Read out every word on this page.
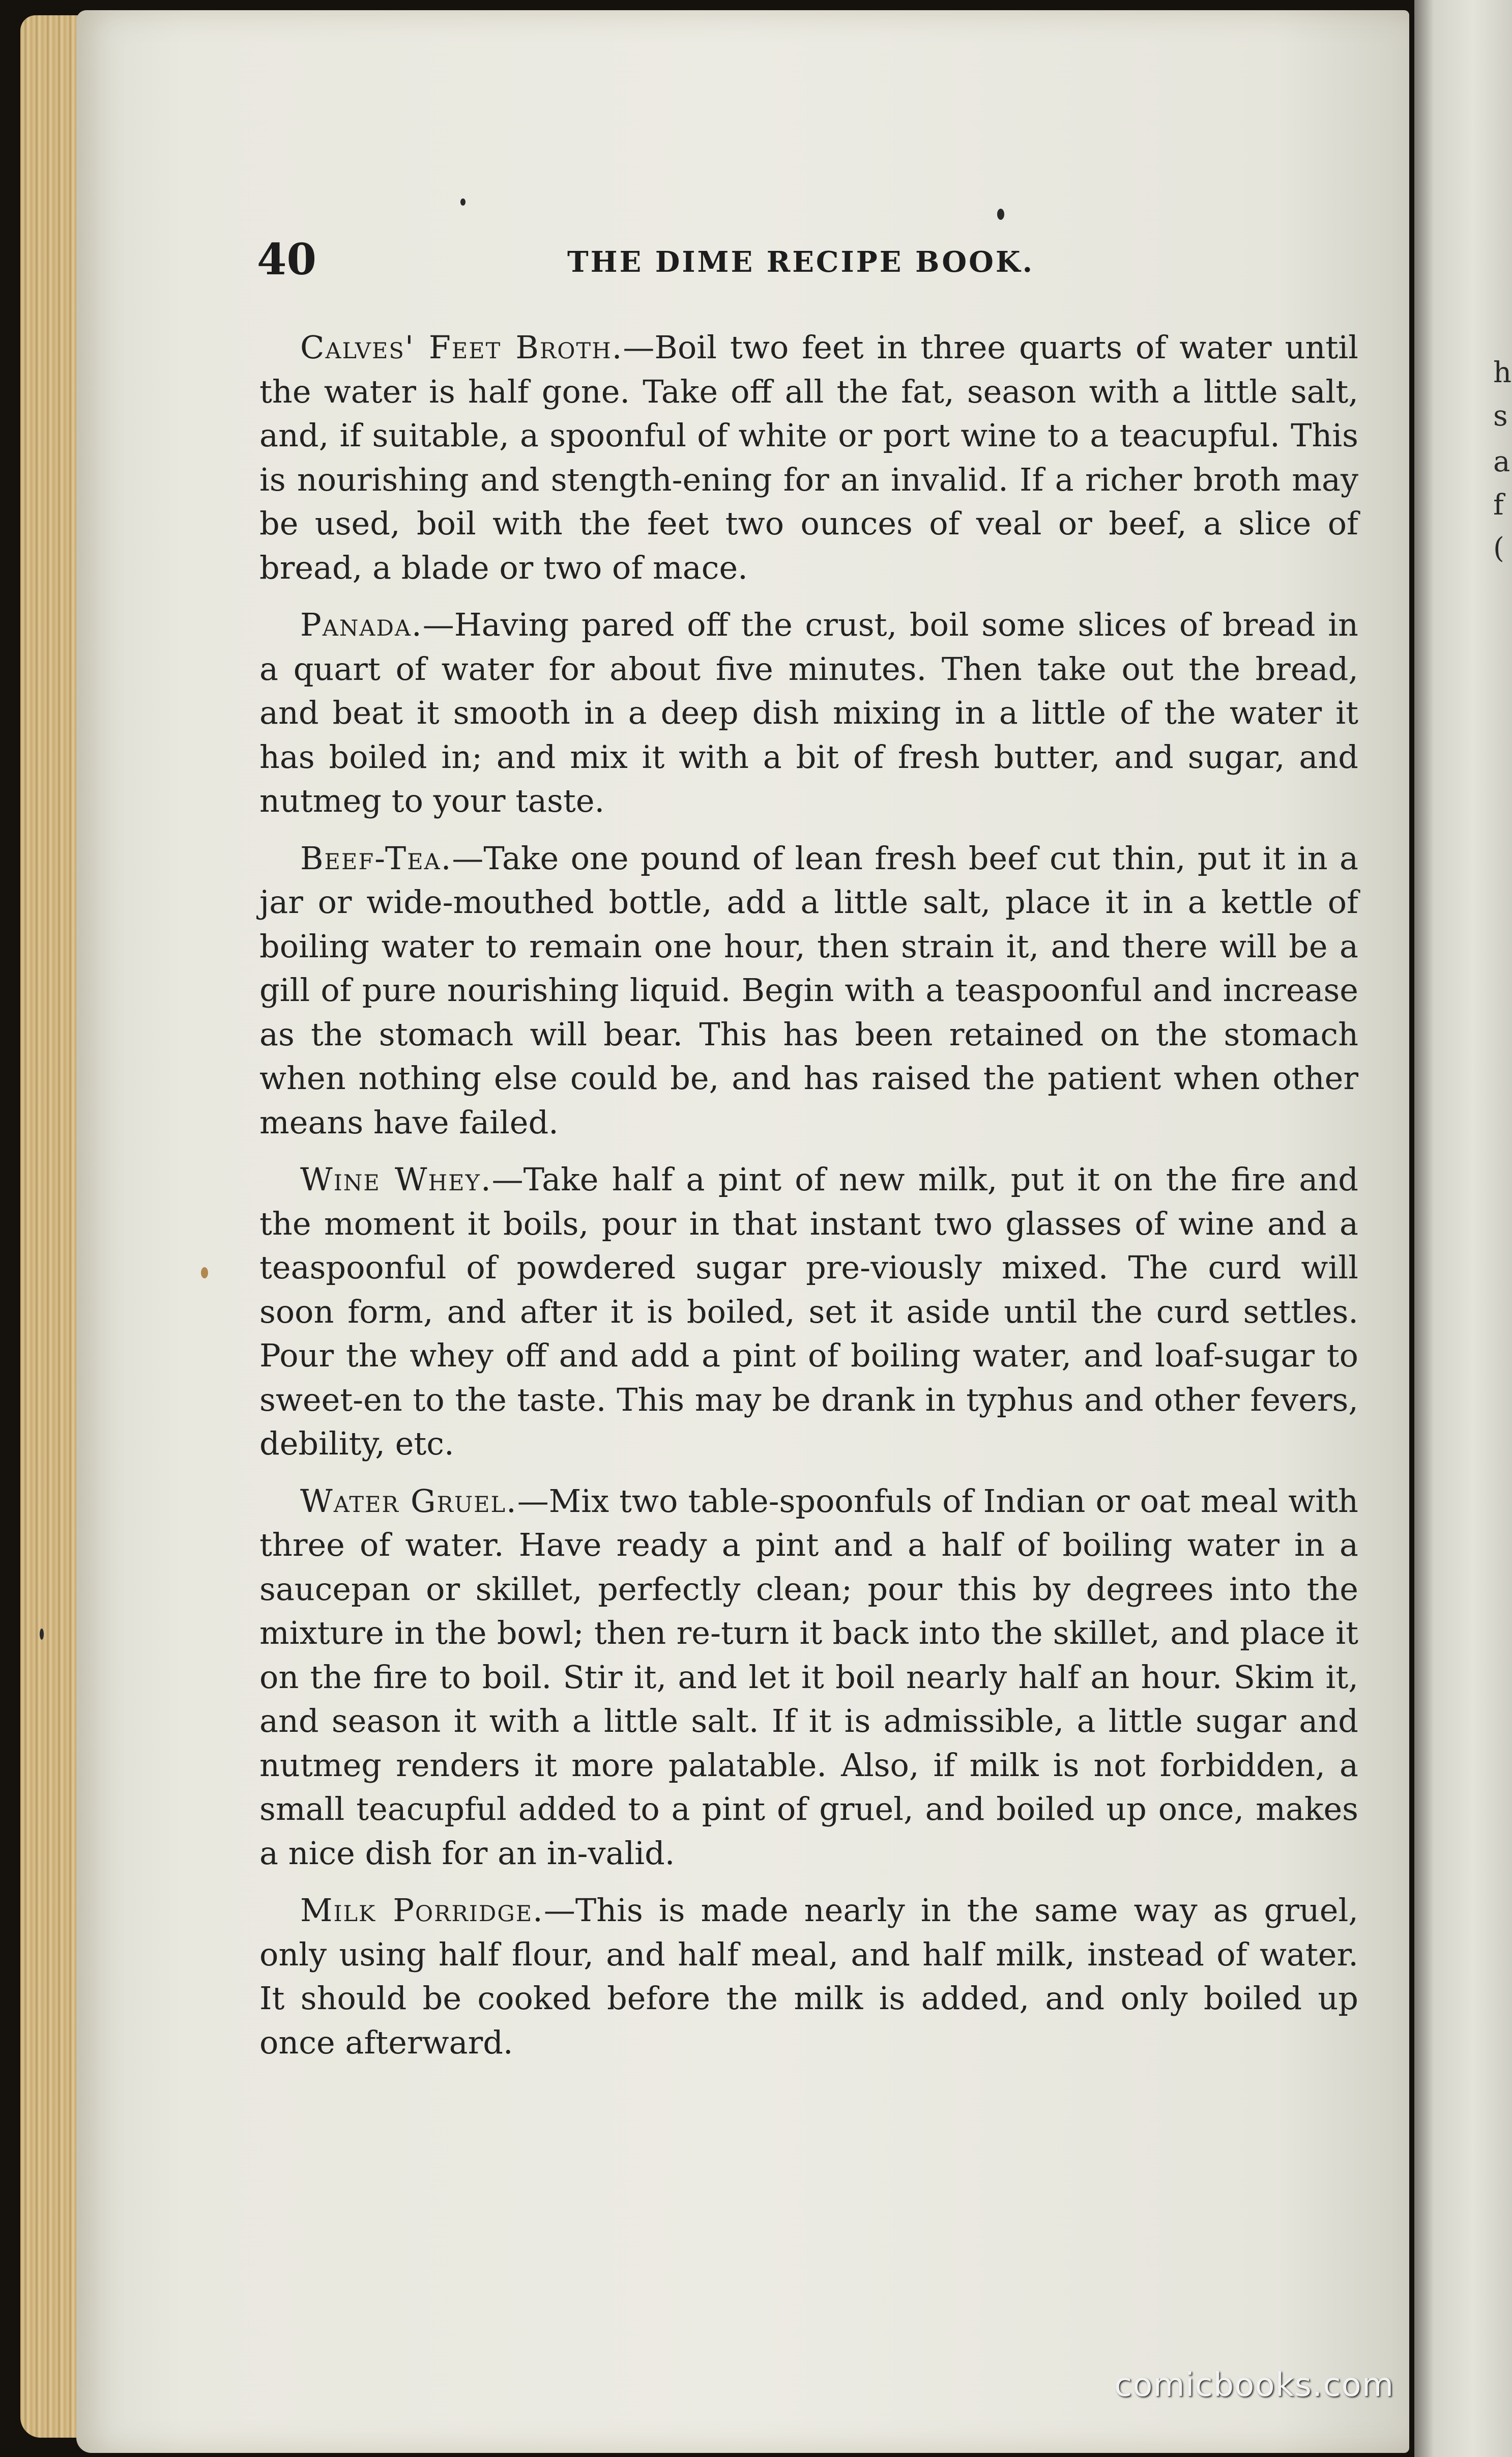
h
s
a
f
(
40	THE DIME RECIPE BOOK.

Calves' Feet Broth.—Boil two feet in three quarts of water until the water is half gone. Take off all the fat, season with a little salt, and, if suitable, a spoonful of white or port wine to a teacupful. This is nourishing and stength-ening for an invalid. If a richer broth may be used, boil with the feet two ounces of veal or beef, a slice of bread, a blade or two of mace.

Panada.—Having pared off the crust, boil some slices of bread in a quart of water for about five minutes. Then take out the bread, and beat it smooth in a deep dish mixing in a little of the water it has boiled in; and mix it with a bit of fresh butter, and sugar, and nutmeg to your taste.

Beef-Tea.—Take one pound of lean fresh beef cut thin, put it in a jar or wide-mouthed bottle, add a little salt, place it in a kettle of boiling water to remain one hour, then strain it, and there will be a gill of pure nourishing liquid. Begin with a teaspoonful and increase as the stomach will bear. This has been retained on the stomach when nothing else could be, and has raised the patient when other means have failed.

Wine Whey.—Take half a pint of new milk, put it on the fire and the moment it boils, pour in that instant two glasses of wine and a teaspoonful of powdered sugar pre-viously mixed. The curd will soon form, and after it is boiled, set it aside until the curd settles. Pour the whey off and add a pint of boiling water, and loaf-sugar to sweet-en to the taste. This may be drank in typhus and other fevers, debility, etc.

Water Gruel.—Mix two table-spoonfuls of Indian or oat meal with three of water. Have ready a pint and a half of boiling water in a saucepan or skillet, perfectly clean; pour this by degrees into the mixture in the bowl; then re-turn it back into the skillet, and place it on the fire to boil. Stir it, and let it boil nearly half an hour. Skim it, and season it with a little salt. If it is admissible, a little sugar and nutmeg renders it more palatable. Also, if milk is not forbidden, a small teacupful added to a pint of gruel, and boiled up once, makes a nice dish for an in-valid.

Milk Porridge.—This is made nearly in the same way as gruel, only using half flour, and half meal, and half milk, instead of water. It should be cooked before the milk is added, and only boiled up once afterward.

comicbooks.com
